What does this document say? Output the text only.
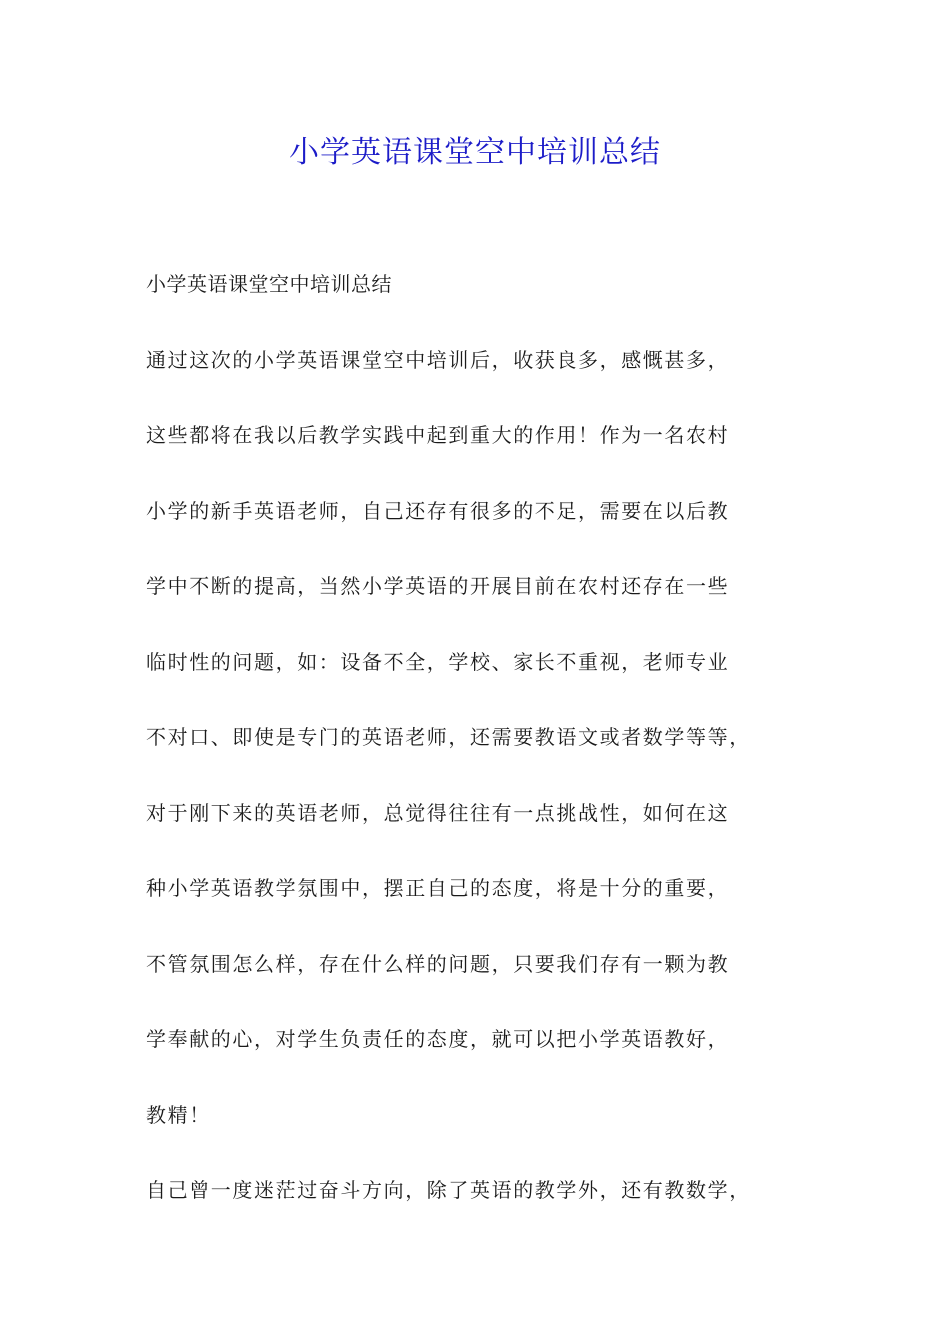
小学英语课堂空中培训总结
小学英语课堂空中培训总结
通过这次的小学英语课堂空中培训后，收获良多，感慨甚多，
这些都将在我以后教学实践中起到重大的作用！作为一名农村
小学的新手英语老师，自己还存有很多的不足，需要在以后教
学中不断的提高，当然小学英语的开展目前在农村还存在一些
临时性的问题，如：设备不全，学校、家长不重视，老师专业
不对口、即使是专门的英语老师，还需要教语文或者数学等等，
对于刚下来的英语老师，总觉得往往有一点挑战性，如何在这
种小学英语教学氛围中，摆正自己的态度，将是十分的重要，
不管氛围怎么样，存在什么样的问题，只要我们存有一颗为教
学奉献的心，对学生负责任的态度，就可以把小学英语教好，
教精！
自己曾一度迷茫过奋斗方向，除了英语的教学外，还有教数学，
